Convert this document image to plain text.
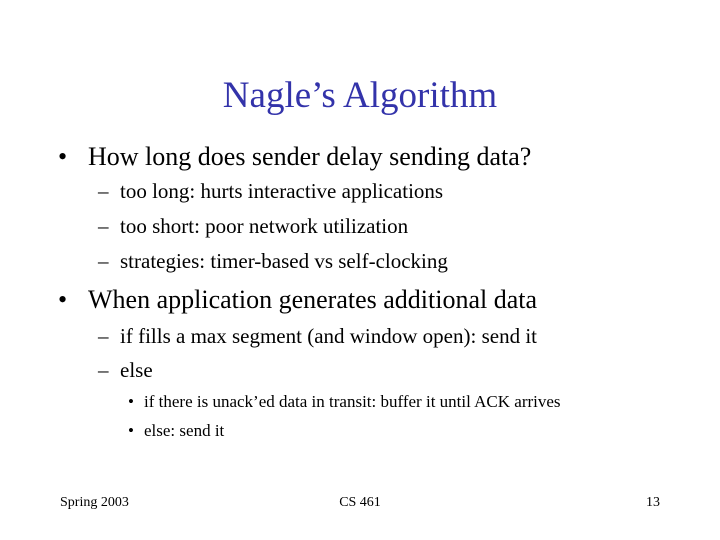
Nagle’s Algorithm
• How long does sender delay sending data?
– too long: hurts interactive applications
– too short: poor network utilization
– strategies: timer-based vs self-clocking
• When application generates additional data
– if fills a max segment (and window open): send it
– else
• if there is unack’ed data in transit: buffer it until ACK arrives
• else: send it
Spring 2003	CS 461	13
